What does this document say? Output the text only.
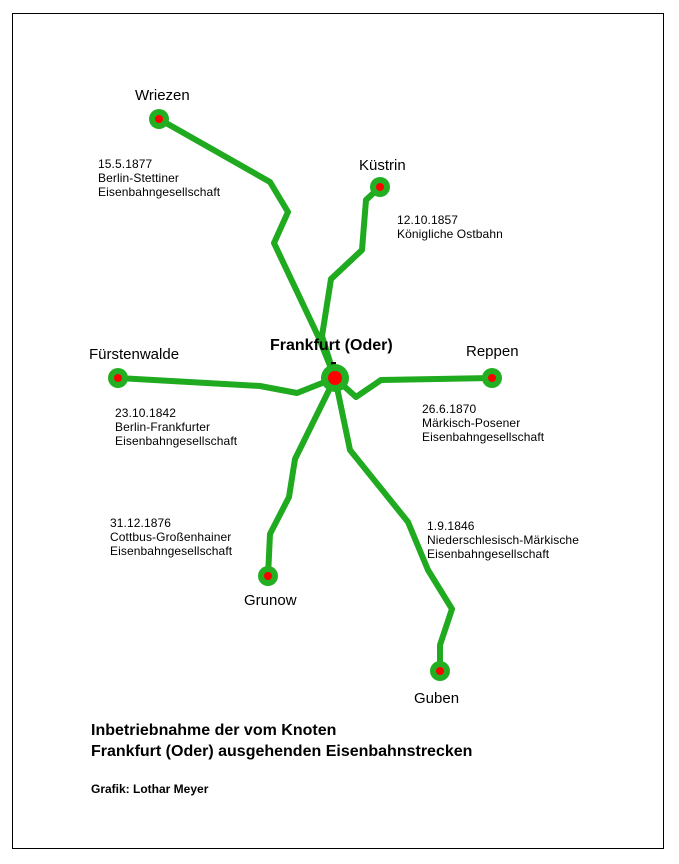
Wriezen
Küstrin
Fürstenwalde	Reppen
Grunow
Guben
Frankfurt (Oder)
15.5.1877
Berlin-Stettiner
Eisenbahngesellschaft
12.10.1857
Königliche Ostbahn
23.10.1842
Berlin-Frankfurter
Eisenbahngesellschaft
26.6.1870
Märkisch-Posener
Eisenbahngesellschaft
31.12.1876
Cottbus-Großenhainer
Eisenbahngesellschaft
1.9.1846
Niederschlesisch-Märkische
Eisenbahngesellschaft
Inbetriebnahme der vom Knoten
Frankfurt (Oder) ausgehenden Eisenbahnstrecken
Grafik: Lothar Meyer
